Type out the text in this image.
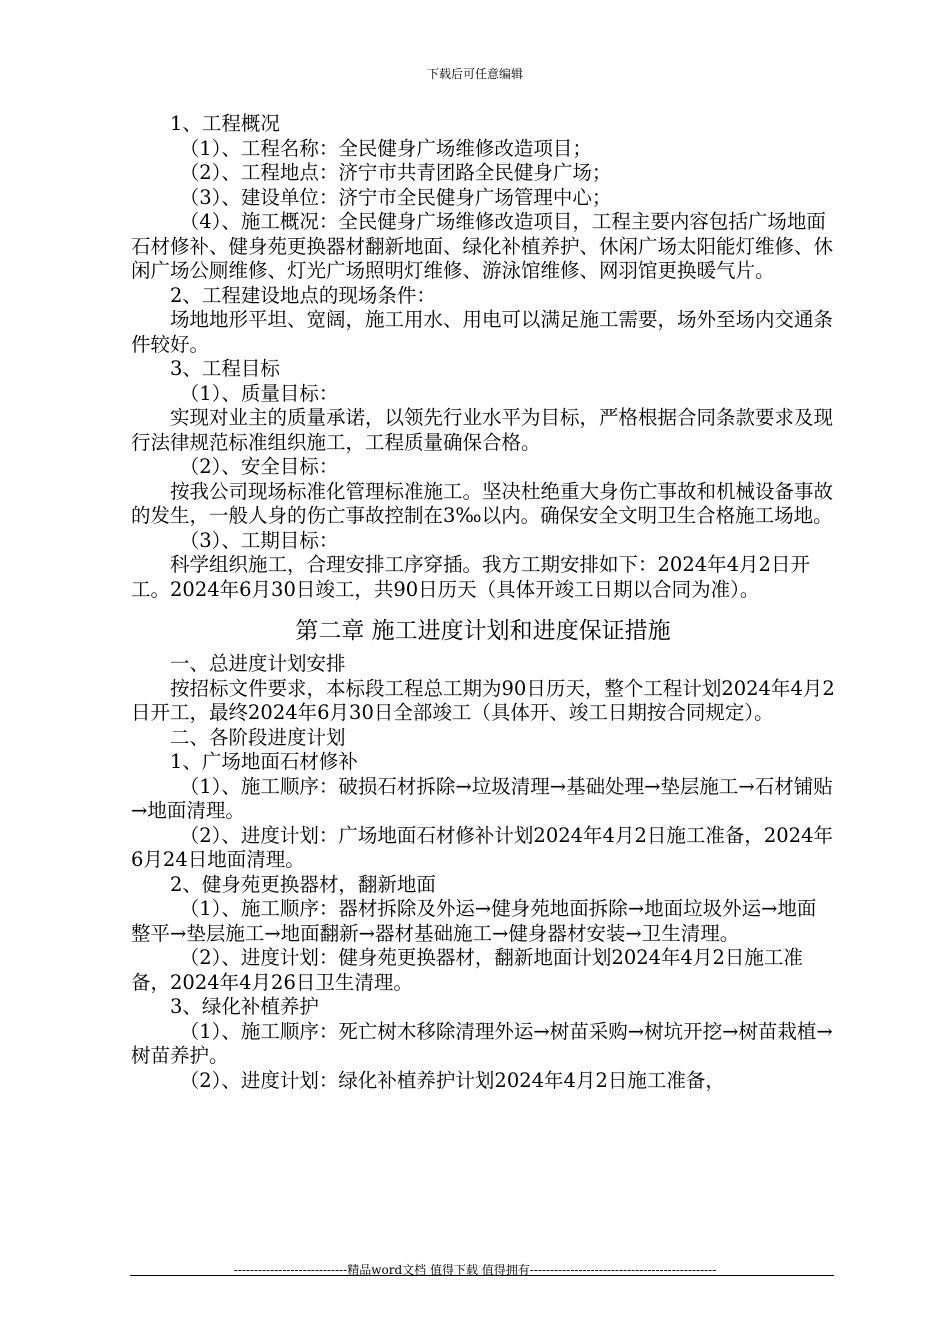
下载后可任意编辑

1、工程概况

（1）、工程名称：全民健身广场维修改造项目；

（2）、工程地点：济宁市共青团路全民健身广场；

（3）、建设单位：济宁市全民健身广场管理中心；

（4）、施工概况：全民健身广场维修改造项目，工程主要内容包括广场地面石材修补、健身苑更换器材翻新地面、绿化补植养护、休闲广场太阳能灯维修、休闲广场公厕维修、灯光广场照明灯维修、游泳馆维修、网羽馆更换暖气片。

2、工程建设地点的现场条件：

场地地形平坦、宽阔，施工用水、用电可以满足施工需要，场外至场内交通条件较好。

3、工程目标

（1）、质量目标：

实现对业主的质量承诺，以领先行业水平为目标，严格根据合同条款要求及现行法律规范标准组织施工，工程质量确保合格。

（2）、安全目标：

按我公司现场标准化管理标准施工。坚决杜绝重大身伤亡事故和机械设备事故的发生，一般人身的伤亡事故控制在3‰以内。确保安全文明卫生合格施工场地。

（3）、工期目标：

科学组织施工，合理安排工序穿插。我方工期安排如下：2024年4月2日开工。2024年6月30日竣工，共90日历天（具体开竣工日期以合同为准）。

第二章 施工进度计划和进度保证措施

一、总进度计划安排

按招标文件要求，本标段工程总工期为90日历天，整个工程计划2024年4月2日开工，最终2024年6月30日全部竣工（具体开、竣工日期按合同规定）。

二、各阶段进度计划

1、广场地面石材修补

（1）、施工顺序：破损石材拆除→垃圾清理→基础处理→垫层施工→石材铺贴→地面清理。

（2）、进度计划：广场地面石材修补计划2024年4月2日施工准备，2024年6月24日地面清理。

2、健身苑更换器材，翻新地面

（1）、施工顺序：器材拆除及外运→健身苑地面拆除→地面垃圾外运→地面整平→垫层施工→地面翻新→器材基础施工→健身器材安装→卫生清理。

（2）、进度计划：健身苑更换器材，翻新地面计划2024年4月2日施工准备，2024年4月26日卫生清理。

3、绿化补植养护

（1）、施工顺序：死亡树木移除清理外运→树苗采购→树坑开挖→树苗栽植→树苗养护。

（2）、进度计划：绿化补植养护计划2024年4月2日施工准备，

----------------------------精品word文档 值得下载 值得拥有----------------------------------------------
